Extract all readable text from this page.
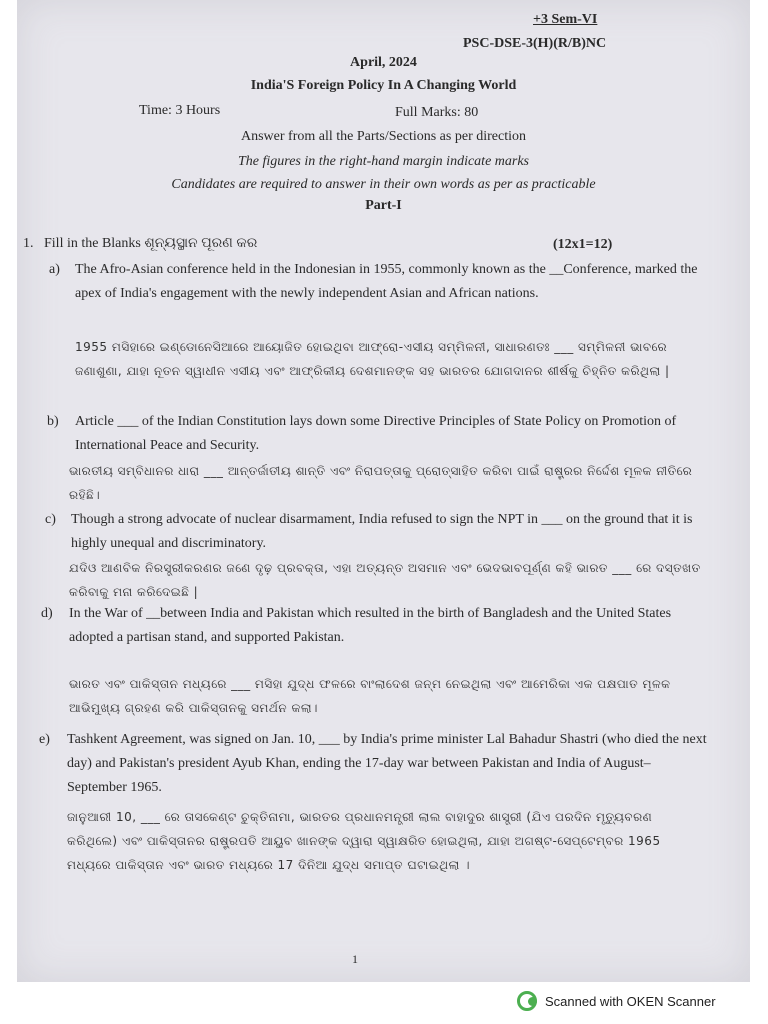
+3 Sem-VI
PSC-DSE-3(H)(R/B)NC
April, 2024
India'S Foreign Policy In A Changing World
Time: 3 Hours	Full Marks: 80
Answer from all the Parts/Sections as per direction
The figures in the right-hand margin indicate marks
Candidates are required to answer in their own words as per as practicable
Part-I
1. Fill in the Blanks ଶୂନ୍ୟସ୍ଥାନ ପୂରଣ କର	(12x1=12)
a) The Afro-Asian conference held in the Indonesian in 1955, commonly known as the __Conference, marked the apex of India's engagement with the newly independent Asian and African nations.
1955 ମସିହାରେ ଇଣ୍ଡୋନେସିଆରେ ଆୟୋଜିତ ହୋଇଥିବା ଆଫ୍ରୋ-ଏସୀୟ ସମ୍ମିଳନୀ, ସାଧାରଣତଃ ___ ସମ୍ମିଳନୀ ଭାବରେ ଜଣାଶୁଣା, ଯାହା ନୂତନ ସ୍ୱାଧୀନ ଏସୀୟ ଏବଂ ଆଫ୍ରିକୀୟ ଦେଶମାନଙ୍କ ସହ ଭାରତର ଯୋଗଦାନର ଶୀର୍ଷକୁ ଚିହ୍ନିତ କରିଥିଲା |
b) Article ___ of the Indian Constitution lays down some Directive Principles of State Policy on Promotion of International Peace and Security.
ଭାରତୀୟ ସମ୍ବିଧାନର ଧାରା ___ ଆନ୍ତର୍ଜାତୀୟ ଶାନ୍ତି ଏବଂ ନିରାପତ୍ତାକୁ ପ୍ରୋତ୍ସାହିତ କରିବା ପାଇଁ ରାଷ୍ଟ୍ରର ନିର୍ଦ୍ଦେଶ ମୂଳକ ନୀତିରେ ରହିଛି।
c) Though a strong advocate of nuclear disarmament, India refused to sign the NPT in ___ on the ground that it is highly unequal and discriminatory.
ଯଦିଓ ଆଣବିକ ନିରସ୍ତ୍ରୀକରଣର ଜଣେ ଦୃଢ଼ ପ୍ରବକ୍ତା, ଏହା ଅତ୍ୟନ୍ତ ଅସମାନ ଏବଂ ଭେଦଭାବପୂର୍ଣ୍ଣ କହି ଭାରତ ___ ରେ ଦସ୍ତଖତ କରିବାକୁ ମନା କରିଦେଇଛି |
d) In the War of __between India and Pakistan which resulted in the birth of Bangladesh and the United States adopted a partisan stand, and supported Pakistan.
ଭାରତ ଏବଂ ପାକିସ୍ତାନ ମଧ୍ୟରେ ___ ମସିହା ଯୁଦ୍ଧ ଫଳରେ ବାଂଲାଦେଶ ଜନ୍ମ ନେଇଥିଲା ଏବଂ ଆମେରିକା ଏକ ପକ୍ଷପାତ ମୂଳକ ଆଭିମୁଖ୍ୟ ଗ୍ରହଣ କରି ପାକିସ୍ତାନକୁ ସମର୍ଥନ କଲା।
e) Tashkent Agreement, was signed on Jan. 10, ___ by India's prime minister Lal Bahadur Shastri (who died the next day) and Pakistan's president Ayub Khan, ending the 17-day war between Pakistan and India of August–September 1965.
ଜାନୁଆରୀ 10, ___ ରେ ତାସକେଣ୍ଟ ଚୁକ୍ତିନାମା, ଭାରତର ପ୍ରଧାନମନ୍ତ୍ରୀ ଲାଲ ବାହାଦୁର ଶାସ୍ତ୍ରୀ (ଯିଏ ପରଦିନ ମୃତ୍ୟୁବରଣ କରିଥିଲେ) ଏବଂ ପାକିସ୍ତାନର ରାଷ୍ଟ୍ରପତି ଆୟୁବ ଖାନଙ୍କ ଦ୍ୱାରା ସ୍ୱାକ୍ଷରିତ ହୋଇଥିଲା, ଯାହା ଅଗଷ୍ଟ-ସେପ୍ଟେମ୍ବର 1965 ମଧ୍ୟରେ ପାକିସ୍ତାନ ଏବଂ ଭାରତ ମଧ୍ୟରେ 17 ଦିନିଆ ଯୁଦ୍ଧ ସମାପ୍ତ ଘଟାଇଥିଲା ।
1
Scanned with OKEN Scanner
